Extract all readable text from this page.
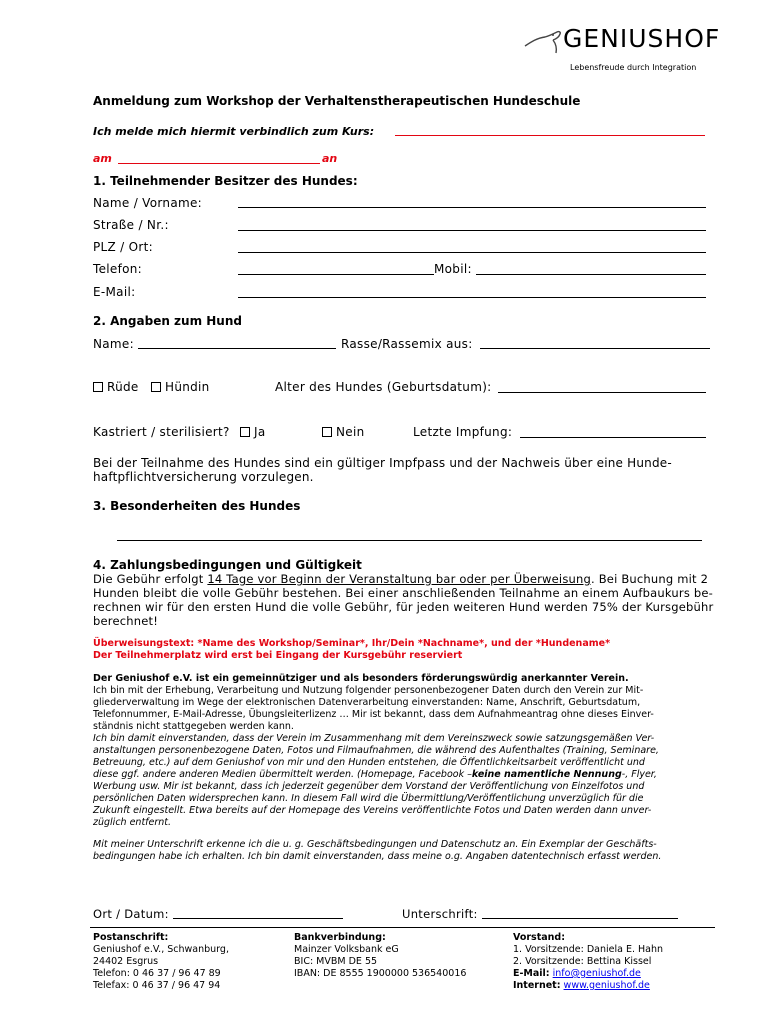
GENIUSHOF
Lebensfreude durch Integration
Anmeldung zum Workshop der Verhaltenstherapeutischen Hundeschule
Ich melde mich hiermit verbindlich zum Kurs:
am	an
1. Teilnehmender Besitzer des Hundes:
Name / Vorname:
Straße / Nr.:
PLZ / Ort:
Telefon:	Mobil:
E-Mail:
2. Angaben zum Hund
Name:	Rasse/Rassemix aus:
Rüde	Hündin	Alter des Hundes (Geburtsdatum):
Kastriert / sterilisiert?	Ja	Nein	Letzte Impfung:
Bei der Teilnahme des Hundes sind ein gültiger Impfpass und der Nachweis über eine Hunde-
haftpflichtversicherung vorzulegen.
3. Besonderheiten des Hundes
4. Zahlungsbedingungen und Gültigkeit
Die Gebühr erfolgt 14 Tage vor Beginn der Veranstaltung bar oder per Überweisung. Bei Buchung mit 2
Hunden bleibt die volle Gebühr bestehen. Bei einer anschließenden Teilnahme an einem Aufbaukurs be-
rechnen wir für den ersten Hund die volle Gebühr, für jeden weiteren Hund werden 75% der Kursgebühr
berechnet!
Überweisungstext: *Name des Workshop/Seminar*, Ihr/Dein *Nachname*, und der *Hundename*
Der Teilnehmerplatz wird erst bei Eingang der Kursgebühr reserviert
Der Geniushof e.V. ist ein gemeinnütziger und als besonders förderungswürdig anerkannter Verein.
Ich bin mit der Erhebung, Verarbeitung und Nutzung folgender personenbezogener Daten durch den Verein zur Mit-
gliederverwaltung im Wege der elektronischen Datenverarbeitung einverstanden: Name, Anschrift, Geburtsdatum,
Telefonnummer, E-Mail-Adresse, Übungsleiterlizenz … Mir ist bekannt, dass dem Aufnahmeantrag ohne dieses Einver-
ständnis nicht stattgegeben werden kann.
Ich bin damit einverstanden, dass der Verein im Zusammenhang mit dem Vereinszweck sowie satzungsgemäßen Ver-
anstaltungen personenbezogene Daten, Fotos und Filmaufnahmen, die während des Aufenthaltes (Training, Seminare,
Betreuung, etc.) auf dem Geniushof von mir und den Hunden entstehen, die Öffentlichkeitsarbeit veröffentlicht und
diese ggf. andere anderen Medien übermittelt werden. (Homepage, Facebook –keine namentliche Nennung-, Flyer,
Werbung usw. Mir ist bekannt, dass ich jederzeit gegenüber dem Vorstand der Veröffentlichung von Einzelfotos und
persönlichen Daten widersprechen kann. In diesem Fall wird die Übermittlung/Veröffentlichung unverzüglich für die
Zukunft eingestellt. Etwa bereits auf der Homepage des Vereins veröffentlichte Fotos und Daten werden dann unver-
züglich entfernt.
Mit meiner Unterschrift erkenne ich die u. g. Geschäftsbedingungen und Datenschutz an. Ein Exemplar der Geschäfts-
bedingungen habe ich erhalten. Ich bin damit einverstanden, dass meine o.g. Angaben datentechnisch erfasst werden.
Ort / Datum:	Unterschrift:
Postanschrift:
Geniushof e.V., Schwanburg,
24402 Esgrus
Telefon: 0 46 37 / 96 47 89
Telefax: 0 46 37 / 96 47 94
Bankverbindung:
Mainzer Volksbank eG
BIC: MVBM DE 55
IBAN: DE 8555 1900000 536540016
Vorstand:
1. Vorsitzende: Daniela E. Hahn
2. Vorsitzende: Bettina Kissel
E-Mail: info@geniushof.de
Internet: www.geniushof.de
